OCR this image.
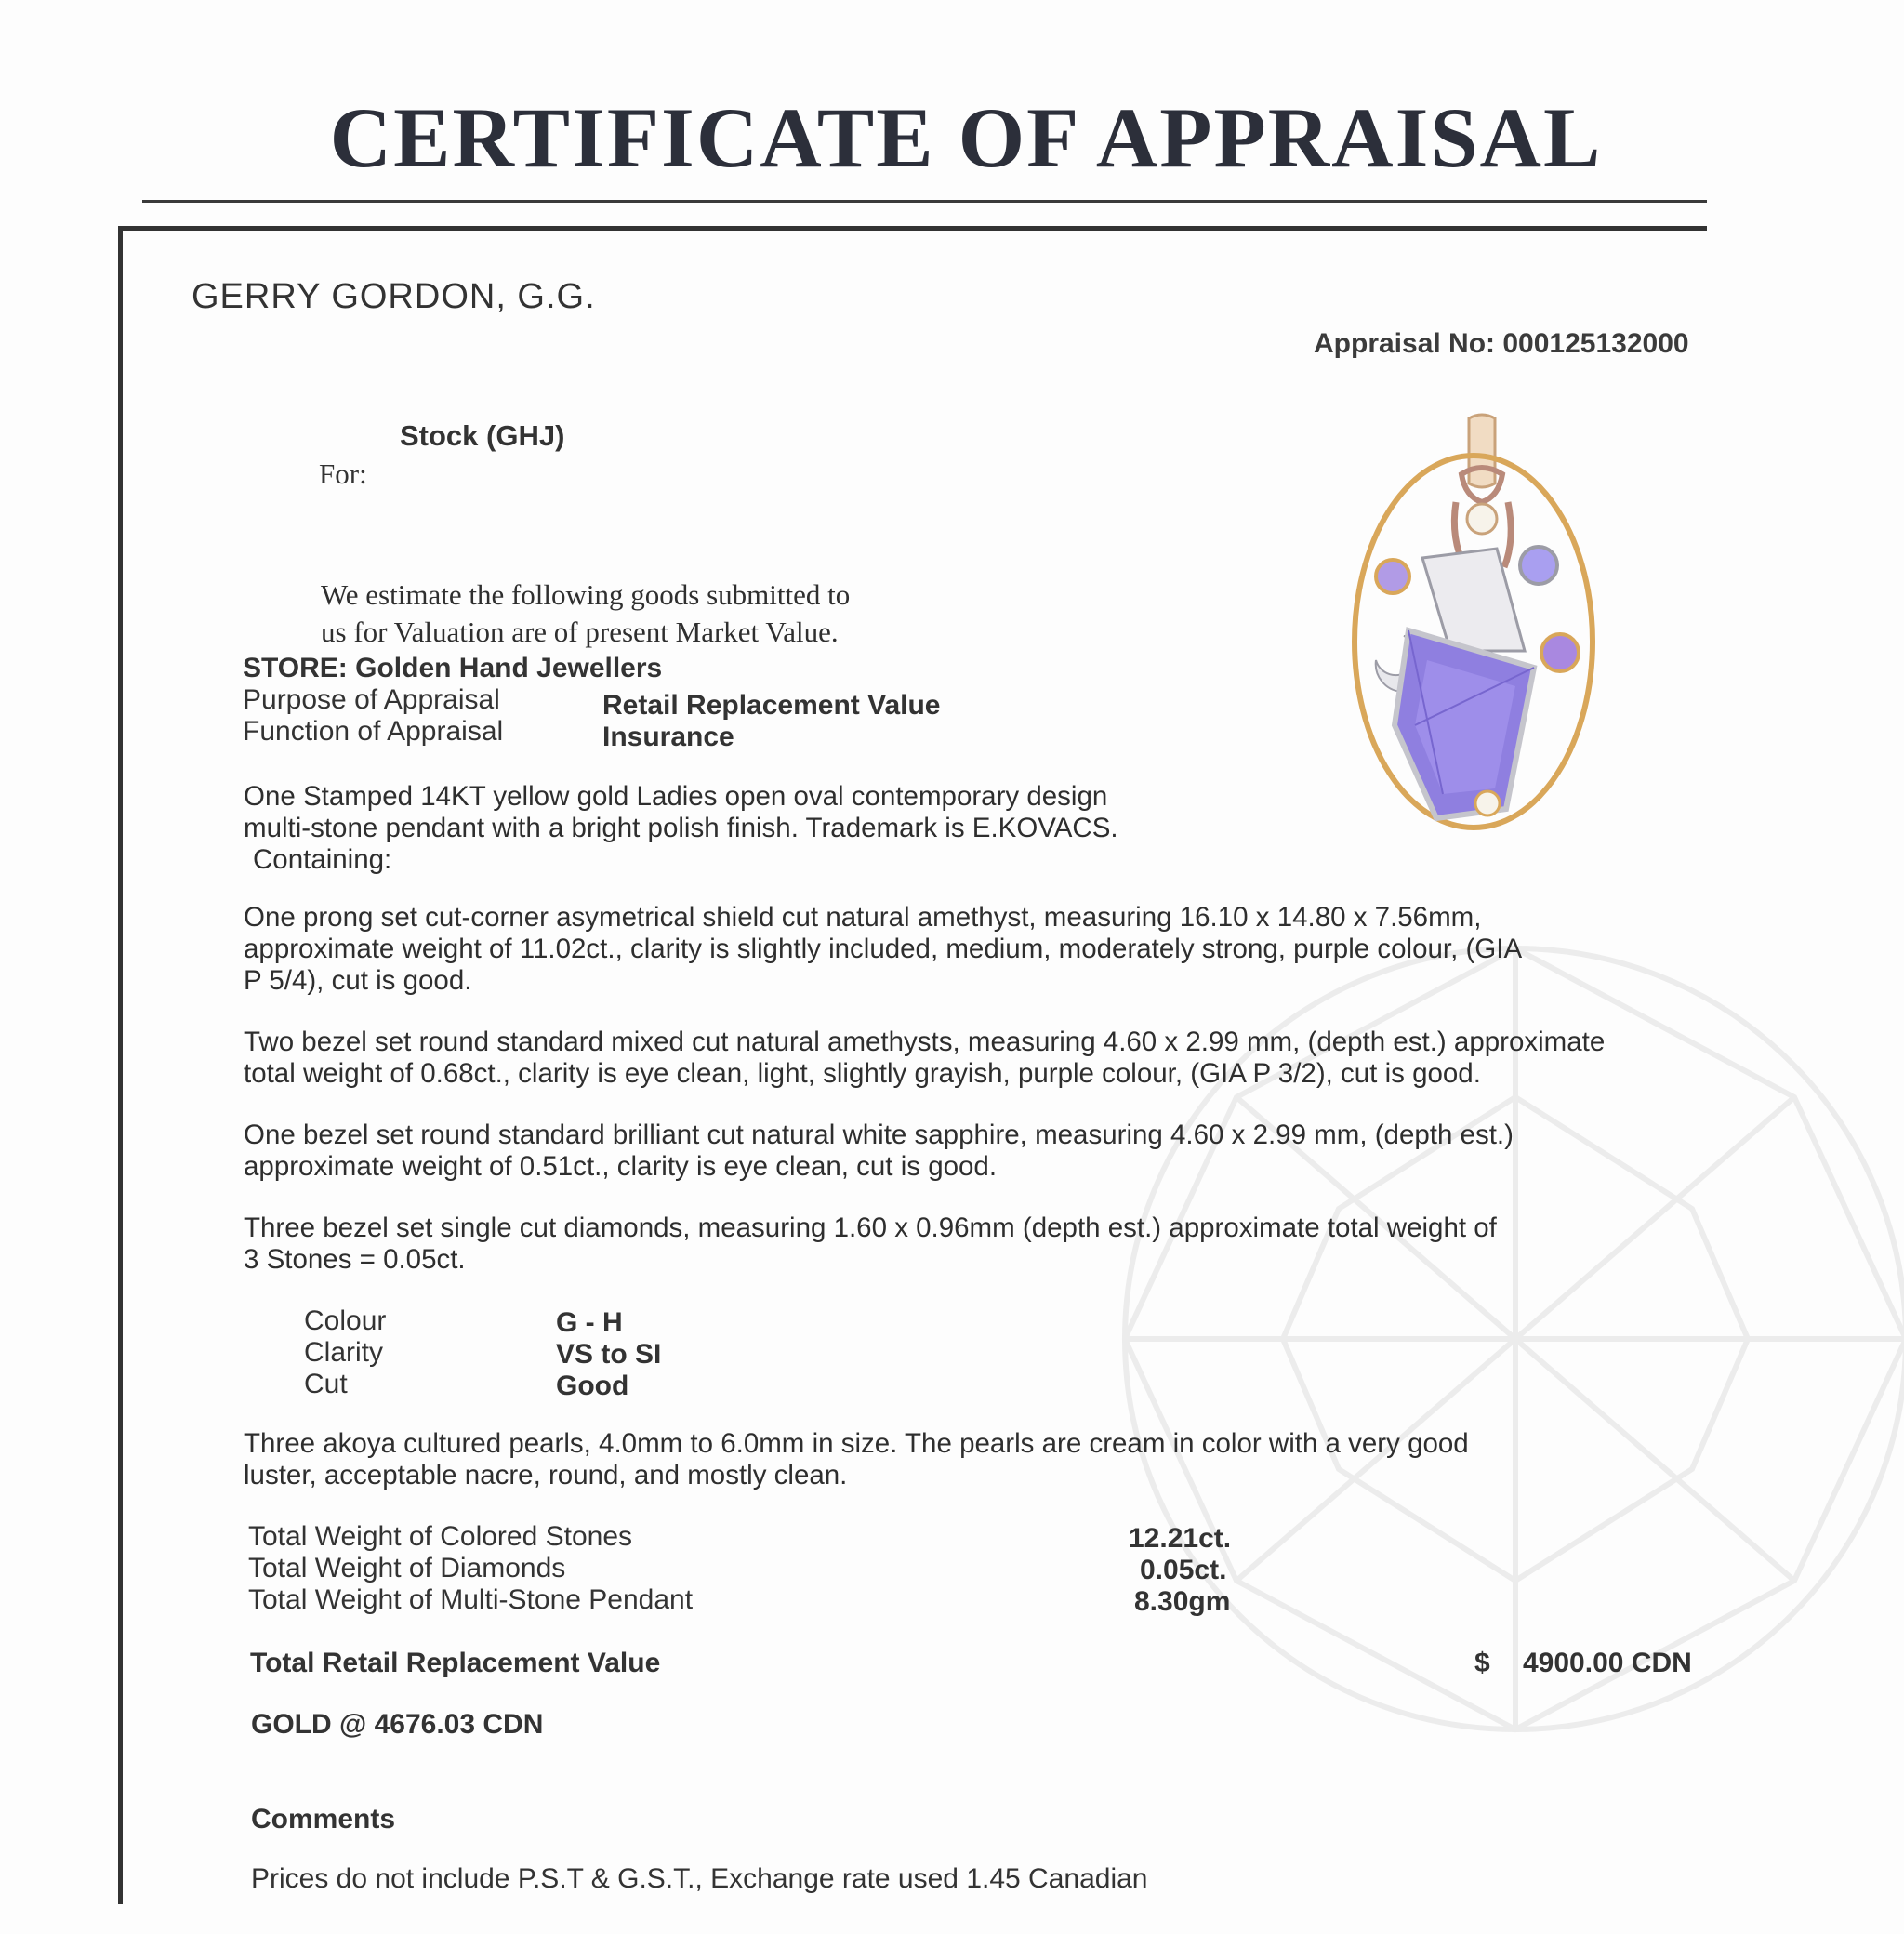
CERTIFICATE OF APPRAISAL
GERRY GORDON, G.G.
Appraisal No: 000125132000
Stock (GHJ)
For:
We estimate the following goods submitted to
us for Valuation are of present Market Value.
STORE: Golden Hand Jewellers
Purpose of Appraisal	Retail Replacement Value
Function of Appraisal	Insurance
One Stamped 14KT yellow gold Ladies open oval contemporary design
multi-stone pendant with a bright polish finish. Trademark is E.KOVACS.
Containing:
One prong set cut-corner asymetrical shield cut natural amethyst, measuring 16.10 x 14.80 x 7.56mm,
approximate weight of 11.02ct., clarity is slightly included, medium, moderately strong, purple colour, (GIA
P 5/4), cut is good.
Two bezel set round standard mixed cut natural amethysts, measuring 4.60 x 2.99 mm, (depth est.) approximate
total weight of 0.68ct., clarity is eye clean, light, slightly grayish, purple colour, (GIA P 3/2), cut is good.
One bezel set round standard brilliant cut natural white sapphire, measuring 4.60 x 2.99 mm, (depth est.)
approximate weight of 0.51ct., clarity is eye clean, cut is good.
Three bezel set single cut diamonds, measuring 1.60 x 0.96mm (depth est.) approximate total weight of
3 Stones = 0.05ct.
Colour	G - H
Clarity	VS to SI
Cut	Good
Three akoya cultured pearls, 4.0mm to 6.0mm in size. The pearls are cream in color with a very good
luster, acceptable nacre, round, and mostly clean.
Total Weight of Colored Stones	12.21ct.
Total Weight of Diamonds	0.05ct.
Total Weight of Multi-Stone Pendant	8.30gm
Total Retail Replacement Value	$ 4900.00 CDN
GOLD @ 4676.03 CDN
Comments
Prices do not include P.S.T & G.S.T., Exchange rate used 1.45 Canadian
